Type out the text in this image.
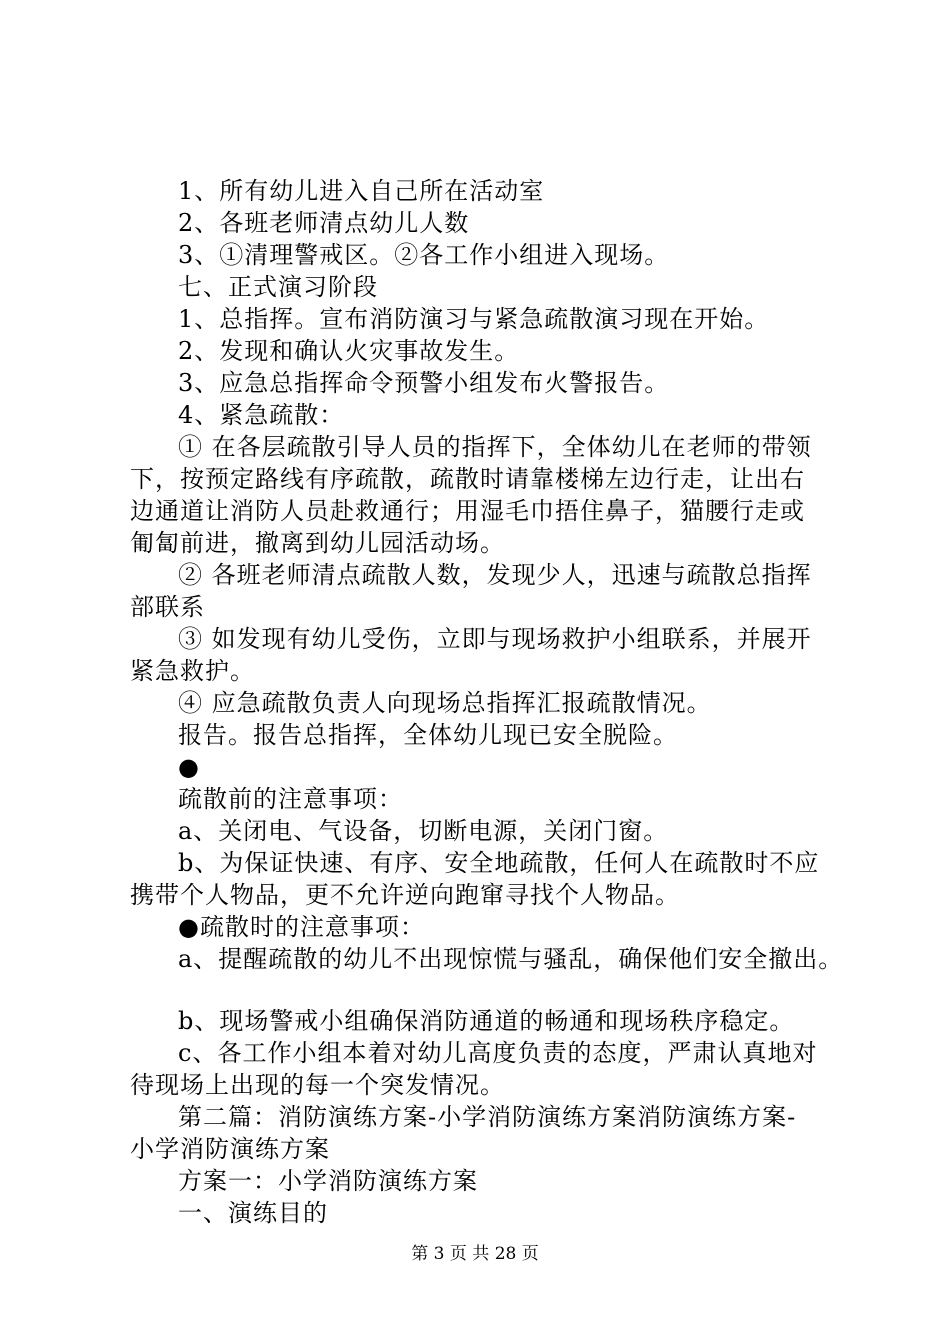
1、所有幼儿进入自己所在活动室
2、各班老师清点幼儿人数
3、①清理警戒区。②各工作小组进入现场。
七、正式演习阶段
1、总指挥。宣布消防演习与紧急疏散演习现在开始。
2、发现和确认火灾事故发生。
3、应急总指挥命令预警小组发布火警报告。
4、紧急疏散：
① 在各层疏散引导人员的指挥下，全体幼儿在老师的带领
下，按预定路线有序疏散，疏散时请靠楼梯左边行走，让出右
边通道让消防人员赴救通行；用湿毛巾捂住鼻子，猫腰行走或
匍匐前进，撤离到幼儿园活动场。
② 各班老师清点疏散人数，发现少人，迅速与疏散总指挥
部联系
③ 如发现有幼儿受伤，立即与现场救护小组联系，并展开
紧急救护。
④ 应急疏散负责人向现场总指挥汇报疏散情况。
报告。报告总指挥，全体幼儿现已安全脱险。
●
疏散前的注意事项：
a、关闭电、气设备，切断电源，关闭门窗。
b、为保证快速、有序、安全地疏散，任何人在疏散时不应
携带个人物品，更不允许逆向跑窜寻找个人物品。
●疏散时的注意事项：
a、提醒疏散的幼儿不出现惊慌与骚乱，确保他们安全撤出。
b、现场警戒小组确保消防通道的畅通和现场秩序稳定。
c、各工作小组本着对幼儿高度负责的态度，严肃认真地对
待现场上出现的每一个突发情况。
第二篇：消防演练方案-小学消防演练方案消防演练方案-
小学消防演练方案
方案一：小学消防演练方案
一、演练目的
第 3 页 共 28 页
